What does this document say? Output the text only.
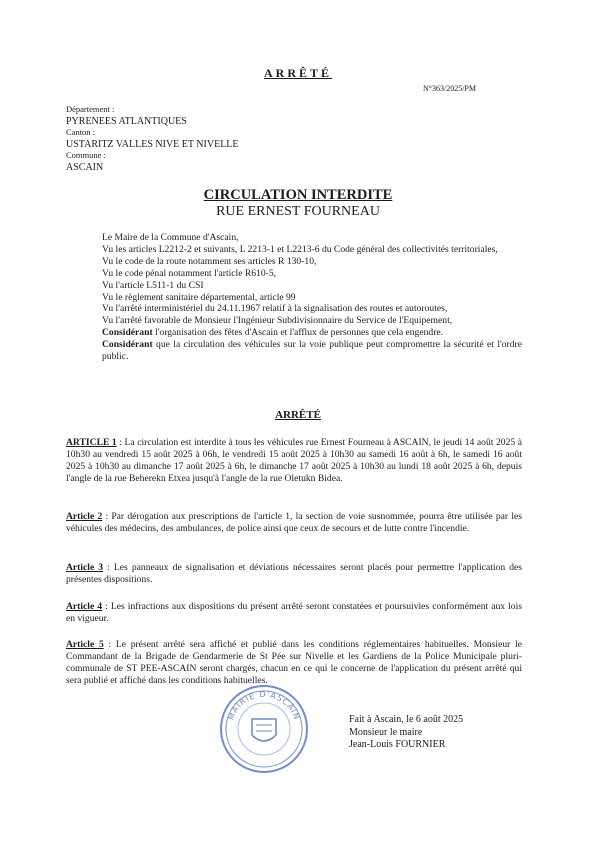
ARRÊTÉ
N°363/2025/PM
Département :
PYRENEES ATLANTIQUES
Canton :
USTARITZ VALLES NIVE ET NIVELLE
Commune :
ASCAIN
CIRCULATION INTERDITE
RUE ERNEST FOURNEAU

Le Maire de la Commune d'Ascain,

Vu les articles L2212-2 et suivants, L 2213-1 et L2213-6 du Code général des collectivités territoriales,

Vu le code de la route notamment ses articles R 130-10,

Vu le code pénal notamment l'article R610-5,

Vu l'article L511-1 du CSI

Vu le règlement sanitaire départemental, article 99

Vu l'arrêté interministériel du 24.11.1967 relatif à la signalisation des routes et autoroutes,

Vu l'arrêté favorable de Monsieur l'Ingénieur Subdivisionnaire du Service de l'Equipement,

Considérant l'organisation des fêtes d'Ascain et l'afflux de personnes que cela engendre.

Considérant que la circulation des véhicules sur la voie publique peut compromettre la sécurité et l'ordre public.

ARRÊTÉ
ARTICLE 1 : La circulation est interdite à tous les véhicules rue Ernest Fourneau à ASCAIN, le jeudi 14 août 2025 à 10h30 au vendredi 15 août 2025 à 06h, le vendredi 15 août 2025 à 10h30 au samedi 16 août à 6h, le samedi 16 août 2025 à 10h30 au dimanche 17 août 2025 à 6h, le dimanche 17 août 2025 à 10h30 au lundi 18 août 2025 à 6h, depuis l'angle de la rue Beherekn Etxea jusqu'à l'angle de la rue Oletukn Bidea.
Article 2 : Par dérogation aux prescriptions de l'article 1, la section de voie susnommée, pourra être utilisée par les véhicules des médecins, des ambulances, de police ainsi que ceux de secours et de lutte contre l'incendie.
Article 3 : Les panneaux de signalisation et déviations nécessaires seront placés pour permettre l'application des présentes dispositions.
Article 4 : Les infractions aux dispositions du présent arrêté seront constatées et poursuivies conformément aux lois en vigueur.
Article 5 : Le présent arrêté sera affiché et publié dans les conditions réglementaires habituelles. Monsieur le Commandant de la Brigade de Gendarmerie de St Pée sur Nivelle et les Gardiens de la Police Municipale pluri-communale de ST PEE-ASCAIN seront chargés, chacun en ce qui le concerne de l'application du présent arrêté qui sera publié et affiché dans les conditions habituelles.
MAIRIE D'ASCAIN	Fait à Ascain, le 6 août 2025
Monsieur le maire
Jean-Louis FOURNIER
